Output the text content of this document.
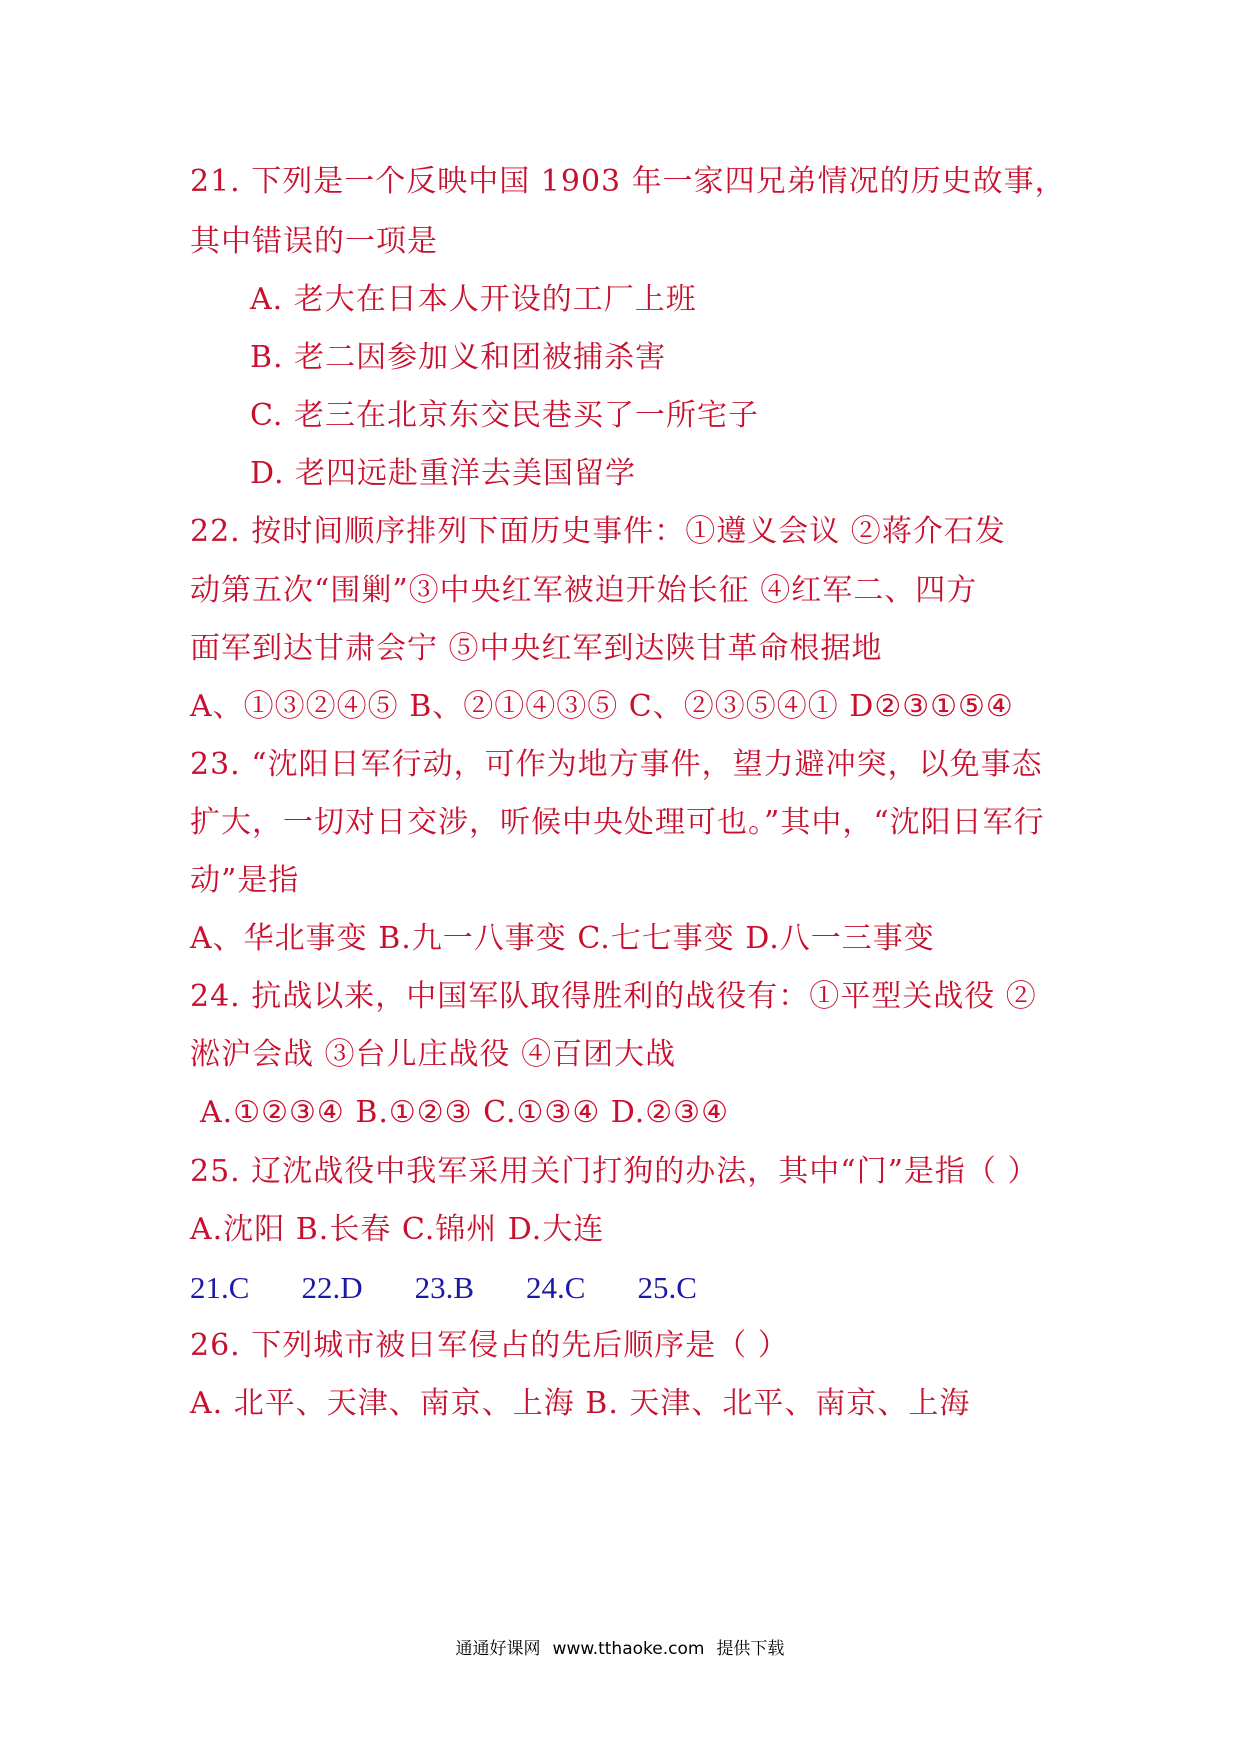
21. 下列是一个反映中国 1903 年一家四兄弟情况的历史故事，
其中错误的一项是
A. 老大在日本人开设的工厂上班
B. 老二因参加义和团被捕杀害
C. 老三在北京东交民巷买了一所宅子
D. 老四远赴重洋去美国留学
22. 按时间顺序排列下面历史事件：①遵义会议 ②蒋介石发
动第五次“围剿”③中央红军被迫开始长征 ④红军二、四方
面军到达甘肃会宁 ⑤中央红军到达陕甘革命根据地
A、①③②④⑤ B、②①④③⑤ C、②③⑤④① D②③①⑤④
23. “沈阳日军行动，可作为地方事件，望力避冲突，以免事态
扩大，一切对日交涉，听候中央处理可也。”其中，“沈阳日军行
动”是指
A、华北事变 B.九一八事变 C.七七事变 D.八一三事变
24. 抗战以来，中国军队取得胜利的战役有：①平型关战役 ②
淞沪会战 ③台儿庄战役 ④百团大战
A.①②③④ B.①②③ C.①③④ D.②③④
25. 辽沈战役中我军采用关门打狗的办法，其中“门”是指（ ）
A.沈阳 B.长春 C.锦州 D.大连
21.C 22.D 23.B 24.C 25.C
26. 下列城市被日军侵占的先后顺序是（ ）
A. 北平、天津、南京、上海 B. 天津、北平、南京、上海
通通好课网 www.tthaoke.com 提供下载
